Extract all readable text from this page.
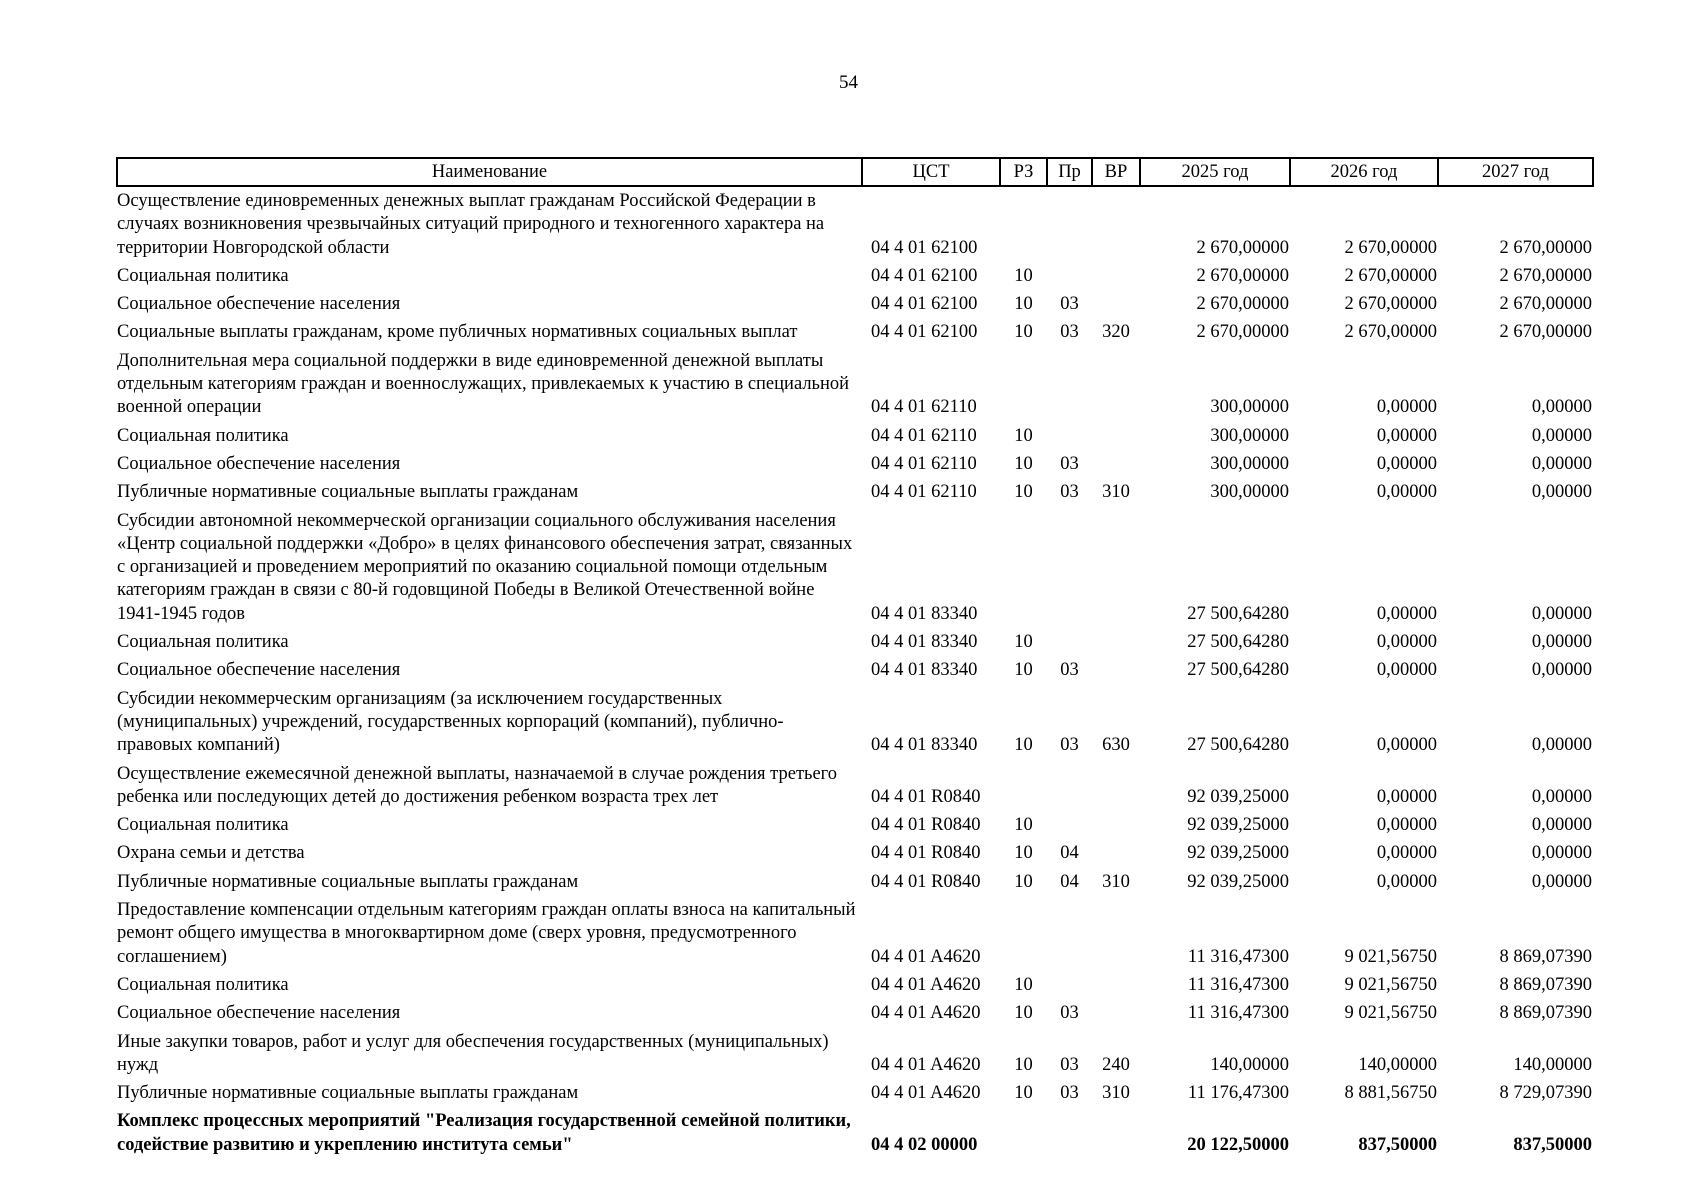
54
Наименование	ЦСТ	РЗ	Пр	ВР	2025 год	2026 год	2027 год
Осуществление единовременных денежных выплат гражданам Российской Федерации в случаях возникновения чрезвычайных ситуаций природного и техногенного характера на территории Новгородской области	04 4 01 62100				2 670,00000	2 670,00000	2 670,00000
Социальная политика	04 4 01 62100	10			2 670,00000	2 670,00000	2 670,00000
Социальное обеспечение населения	04 4 01 62100	10	03		2 670,00000	2 670,00000	2 670,00000
Социальные выплаты гражданам, кроме публичных нормативных социальных выплат	04 4 01 62100	10	03	320	2 670,00000	2 670,00000	2 670,00000
Дополнительная мера социальной поддержки в виде единовременной денежной выплаты отдельным категориям граждан и военнослужащих, привлекаемых к участию в специальной военной операции	04 4 01 62110				300,00000	0,00000	0,00000
Социальная политика	04 4 01 62110	10			300,00000	0,00000	0,00000
Социальное обеспечение населения	04 4 01 62110	10	03		300,00000	0,00000	0,00000
Публичные нормативные социальные выплаты гражданам	04 4 01 62110	10	03	310	300,00000	0,00000	0,00000
Субсидии автономной некоммерческой организации социального обслуживания населения «Центр социальной поддержки «Добро» в целях финансового обеспечения затрат, связанных с организацией и проведением мероприятий по оказанию социальной помощи отдельным категориям граждан в связи с 80-й годовщиной Победы в Великой Отечественной войне 1941-1945 годов	04 4 01 83340				27 500,64280	0,00000	0,00000
Социальная политика	04 4 01 83340	10			27 500,64280	0,00000	0,00000
Социальное обеспечение населения	04 4 01 83340	10	03		27 500,64280	0,00000	0,00000
Субсидии некоммерческим организациям (за исключением государственных (муниципальных) учреждений, государственных корпораций (компаний), публично-правовых компаний)	04 4 01 83340	10	03	630	27 500,64280	0,00000	0,00000
Осуществление ежемесячной денежной выплаты, назначаемой в случае рождения третьего ребенка или последующих детей до достижения ребенком возраста трех лет	04 4 01 R0840				92 039,25000	0,00000	0,00000
Социальная политика	04 4 01 R0840	10			92 039,25000	0,00000	0,00000
Охрана семьи и детства	04 4 01 R0840	10	04		92 039,25000	0,00000	0,00000
Публичные нормативные социальные выплаты гражданам	04 4 01 R0840	10	04	310	92 039,25000	0,00000	0,00000
Предоставление компенсации отдельным категориям граждан оплаты взноса на капитальный ремонт общего имущества в многоквартирном доме (сверх уровня, предусмотренного соглашением)	04 4 01 A4620				11 316,47300	9 021,56750	8 869,07390
Социальная политика	04 4 01 A4620	10			11 316,47300	9 021,56750	8 869,07390
Социальное обеспечение населения	04 4 01 A4620	10	03		11 316,47300	9 021,56750	8 869,07390
Иные закупки товаров, работ и услуг для обеспечения государственных (муниципальных) нужд	04 4 01 A4620	10	03	240	140,00000	140,00000	140,00000
Публичные нормативные социальные выплаты гражданам	04 4 01 A4620	10	03	310	11 176,47300	8 881,56750	8 729,07390
Комплекс процессных мероприятий "Реализация государственной семейной политики, содействие развитию и укреплению института семьи"	04 4 02 00000				20 122,50000	837,50000	837,50000
